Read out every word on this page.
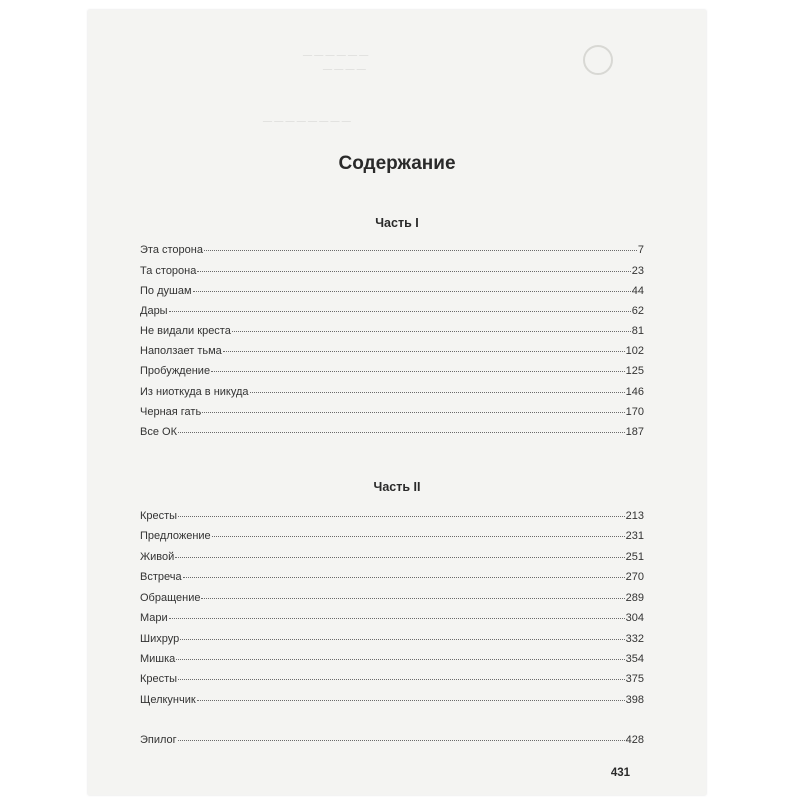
— — — — — —
— — — —
— — — — — — — —
Содержание
Часть I
Эта сторона	7
Та сторона	23
По душам	44
Дары	62
Не видали креста	81
Наползает тьма	102
Пробуждение	125
Из ниоткуда в никуда	146
Черная гать	170
Все ОК	187
Часть II
Кресты	213
Предложение	231
Живой	251
Встреча	270
Обращение	289
Мари	304
Шихрур	332
Мишка	354
Кресты	375
Щелкунчик	398
Эпилог	428
431
